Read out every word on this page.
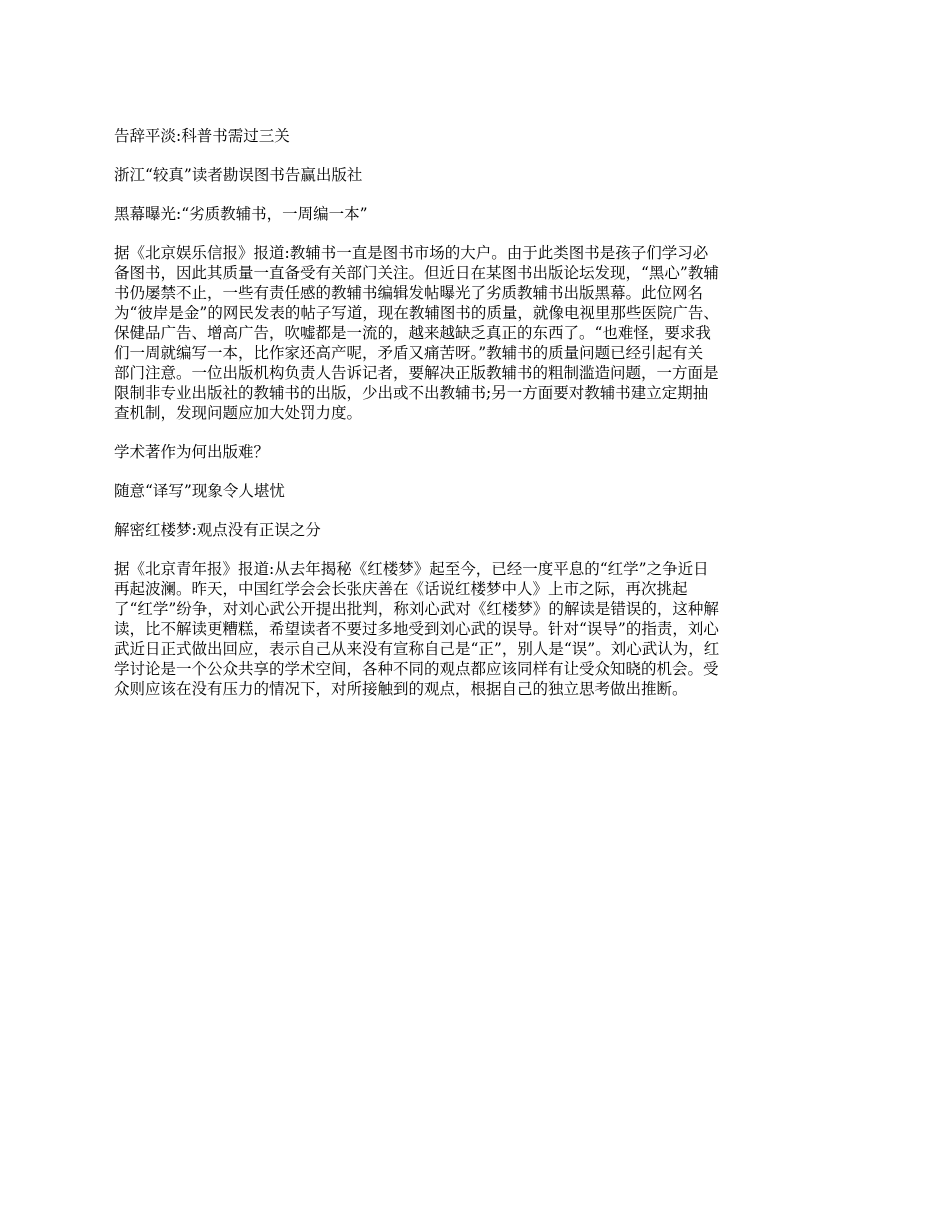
告辞平淡:科普书需过三关
浙江“较真”读者勘误图书告赢出版社
黑幕曝光:“劣质教辅书，一周编一本”
据《北京娱乐信报》报道:教辅书一直是图书市场的大户。由于此类图书是孩子们学习必
备图书，因此其质量一直备受有关部门关注。但近日在某图书出版论坛发现，“黑心”教辅
书仍屡禁不止，一些有责任感的教辅书编辑发帖曝光了劣质教辅书出版黑幕。此位网名
为“彼岸是金”的网民发表的帖子写道，现在教辅图书的质量，就像电视里那些医院广告、
保健品广告、增高广告，吹嘘都是一流的，越来越缺乏真正的东西了。“也难怪，要求我
们一周就编写一本，比作家还高产呢，矛盾又痛苦呀。”教辅书的质量问题已经引起有关
部门注意。一位出版机构负责人告诉记者，要解决正版教辅书的粗制滥造问题，一方面是
限制非专业出版社的教辅书的出版，少出或不出教辅书;另一方面要对教辅书建立定期抽
查机制，发现问题应加大处罚力度。
学术著作为何出版难？
随意“译写”现象令人堪忧
解密红楼梦:观点没有正误之分
据《北京青年报》报道:从去年揭秘《红楼梦》起至今，已经一度平息的“红学”之争近日
再起波澜。昨天，中国红学会会长张庆善在《话说红楼梦中人》上市之际，再次挑起
了“红学”纷争，对刘心武公开提出批判，称刘心武对《红楼梦》的解读是错误的，这种解
读，比不解读更糟糕，希望读者不要过多地受到刘心武的误导。针对“误导”的指责，刘心
武近日正式做出回应，表示自己从来没有宣称自己是“正”，别人是“误”。刘心武认为，红
学讨论是一个公众共享的学术空间，各种不同的观点都应该同样有让受众知晓的机会。受
众则应该在没有压力的情况下，对所接触到的观点，根据自己的独立思考做出推断。
